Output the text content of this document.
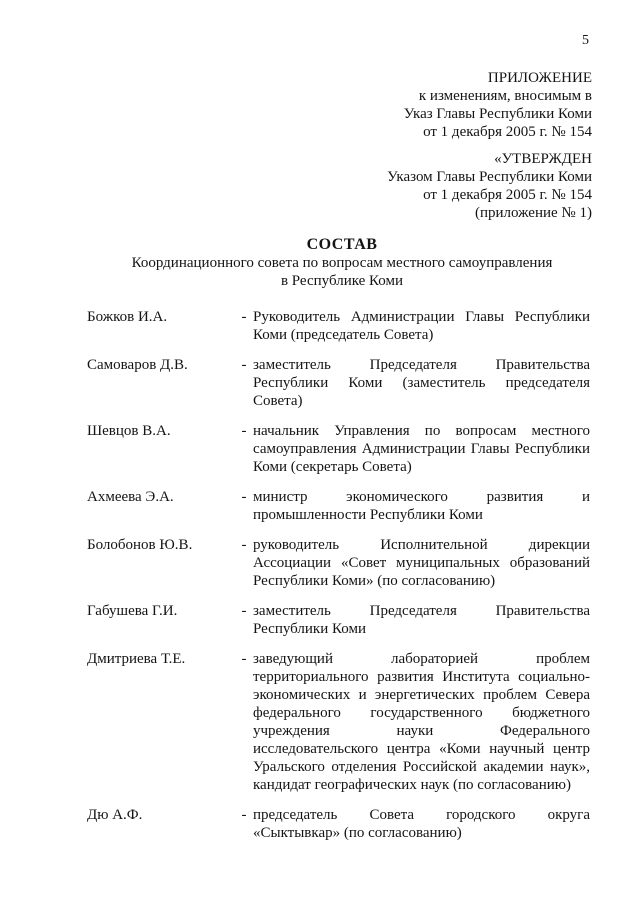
5
ПРИЛОЖЕНИЕ
к изменениям, вносимым в
Указ Главы Республики Коми
от 1 декабря 2005 г. № 154
«УТВЕРЖДЕН
Указом Главы Республики Коми
от 1 декабря 2005 г. № 154
(приложение № 1)
СОСТАВ
Координационного совета по вопросам местного самоуправления
в Республике Коми
Божков И.А.	- Руководитель Администрации Главы Республики Коми (председатель Совета)
Самоваров Д.В.	- заместитель Председателя Правительства Республики Коми (заместитель председателя Совета)
Шевцов В.А.	- начальник Управления по вопросам местного самоуправления Администрации Главы Республики Коми (секретарь Совета)
Ахмеева Э.А.	- министр экономического развития и промышленности Республики Коми
Болобонов Ю.В.	- руководитель Исполнительной дирекции Ассоциации «Совет муниципальных образований Республики Коми» (по согласованию)
Габушева Г.И.	- заместитель Председателя Правительства Республики Коми
Дмитриева Т.Е.	- заведующий лабораторией проблем территориального развития Института социально-экономических и энергетических проблем Севера федерального государственного бюджетного учреждения науки Федерального исследовательского центра «Коми научный центр Уральского отделения Российской академии наук», кандидат географических наук (по согласованию)
Дю А.Ф.	- председатель Совета городского округа «Сыктывкар» (по согласованию)
